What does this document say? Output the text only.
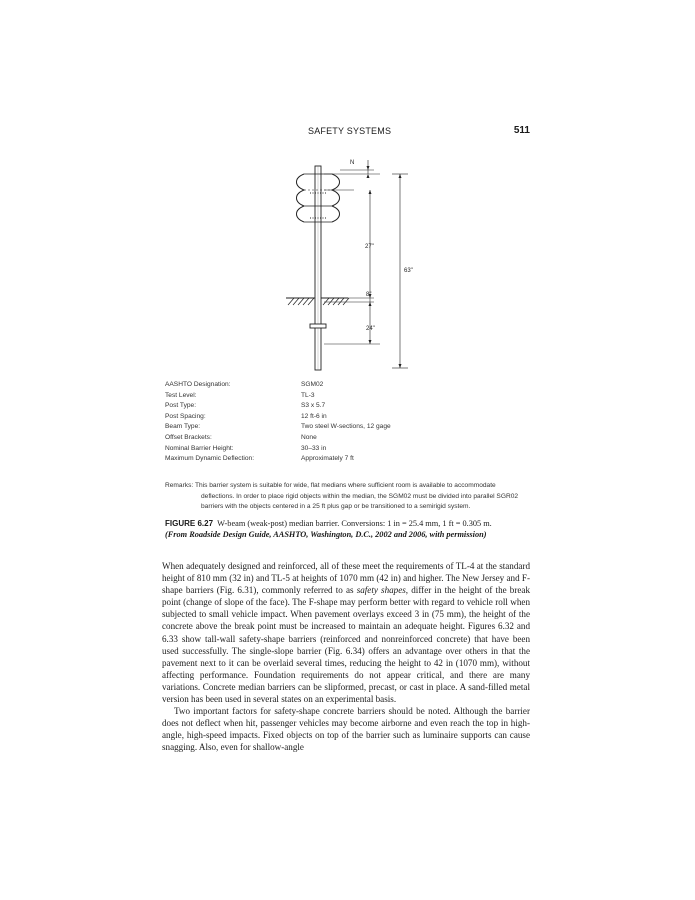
SAFETY SYSTEMS	511
N
27"
63"
8"
24"
AASHTO Designation:	SGM02
Test Level:	TL-3
Post Type:	S3 x 5.7
Post Spacing:	12 ft-6 in
Beam Type:	Two steel W-sections, 12 gage
Offset Brackets:	None
Nominal Barrier Height:	30–33 in
Maximum Dynamic Deflection:	Approximately 7 ft
Remarks: This barrier system is suitable for wide, flat medians where sufficient room is available to accommodate deflections. In order to place rigid objects within the median, the SGM02 must be divided into parallel SGR02 barriers with the objects centered in a 25 ft plus gap or be transitioned to a semirigid system.
FIGURE 6.27 W-beam (weak-post) median barrier. Conversions: 1 in = 25.4 mm, 1 ft = 0.305 m.
(From Roadside Design Guide, AASHTO, Washington, D.C., 2002 and 2006, with permission)

When adequately designed and reinforced, all of these meet the requirements of TL-4 at the standard height of 810 mm (32 in) and TL-5 at heights of 1070 mm (42 in) and higher. The New Jersey and F-shape barriers (Fig. 6.31), commonly referred to as safety shapes, differ in the height of the break point (change of slope of the face). The F-shape may perform better with regard to vehicle roll when subjected to small vehicle impact. When pavement overlays exceed 3 in (75 mm), the height of the concrete above the break point must be increased to maintain an adequate height. Figures 6.32 and 6.33 show tall-wall safety-shape barriers (reinforced and nonreinforced concrete) that have been used successfully. The single-slope barrier (Fig. 6.34) offers an advantage over others in that the pavement next to it can be overlaid several times, reducing the height to 42 in (1070 mm), without affecting performance. Foundation requirements do not appear critical, and there are many variations. Concrete median barriers can be slipformed, precast, or cast in place. A sand-filled metal version has been used in several states on an experimental basis.

Two important factors for safety-shape concrete barriers should be noted. Although the barrier does not deflect when hit, passenger vehicles may become airborne and even reach the top in high-angle, high-speed impacts. Fixed objects on top of the barrier such as luminaire supports can cause snagging. Also, even for shallow-angle
